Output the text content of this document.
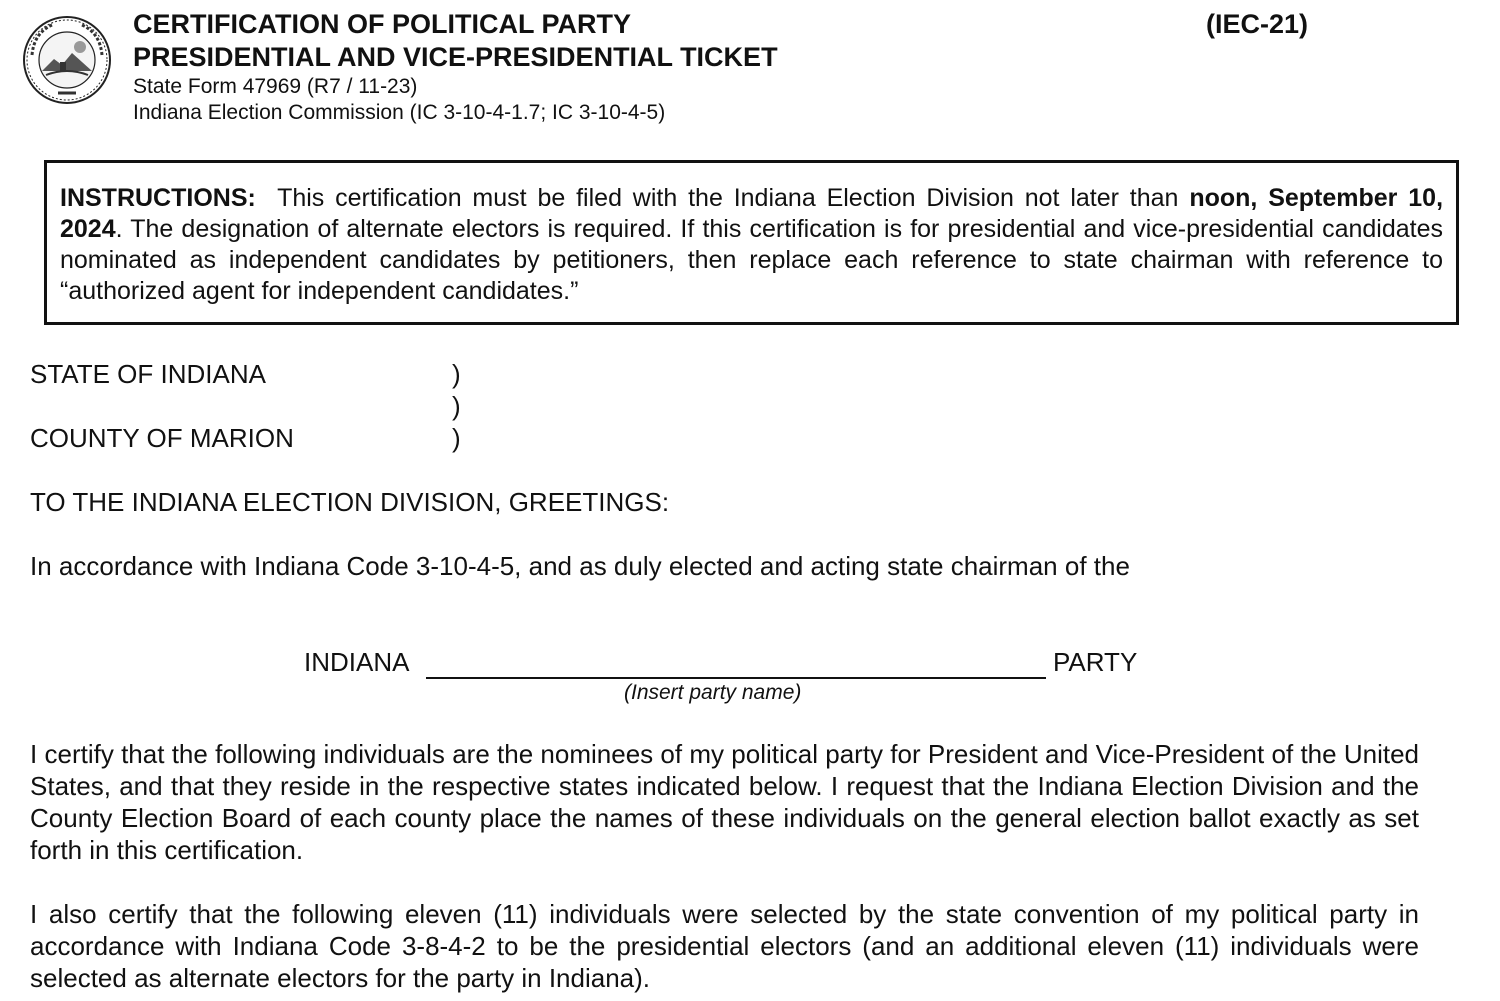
CERTIFICATION OF POLITICAL PARTY
PRESIDENTIAL AND VICE-PRESIDENTIAL TICKET
(IEC-21)
State Form 47969 (R7 / 11-23)
Indiana Election Commission (IC 3-10-4-1.7; IC 3-10-4-5)
INSTRUCTIONS: This certification must be filed with the Indiana Election Division not later than noon, September 10, 2024. The designation of alternate electors is required. If this certification is for presidential and vice-presidential candidates nominated as independent candidates by petitioners, then replace each reference to state chairman with reference to “authorized agent for independent candidates.”
STATE OF INDIANA
COUNTY OF MARION
)
)
)
TO THE INDIANA ELECTION DIVISION, GREETINGS:
In accordance with Indiana Code 3-10-4-5, and as duly elected and acting state chairman of the
INDIANA	PARTY
(Insert party name)

I certify that the following individuals are the nominees of my political party for President and Vice-President of the United States, and that they reside in the respective states indicated below. I request that the Indiana Election Division and the County Election Board of each county place the names of these individuals on the general election ballot exactly as set forth in this certification.

I also certify that the following eleven (11) individuals were selected by the state convention of my political party in accordance with Indiana Code 3-8-4-2 to be the presidential electors (and an additional eleven (11) individuals were selected as alternate electors for the party in Indiana).
